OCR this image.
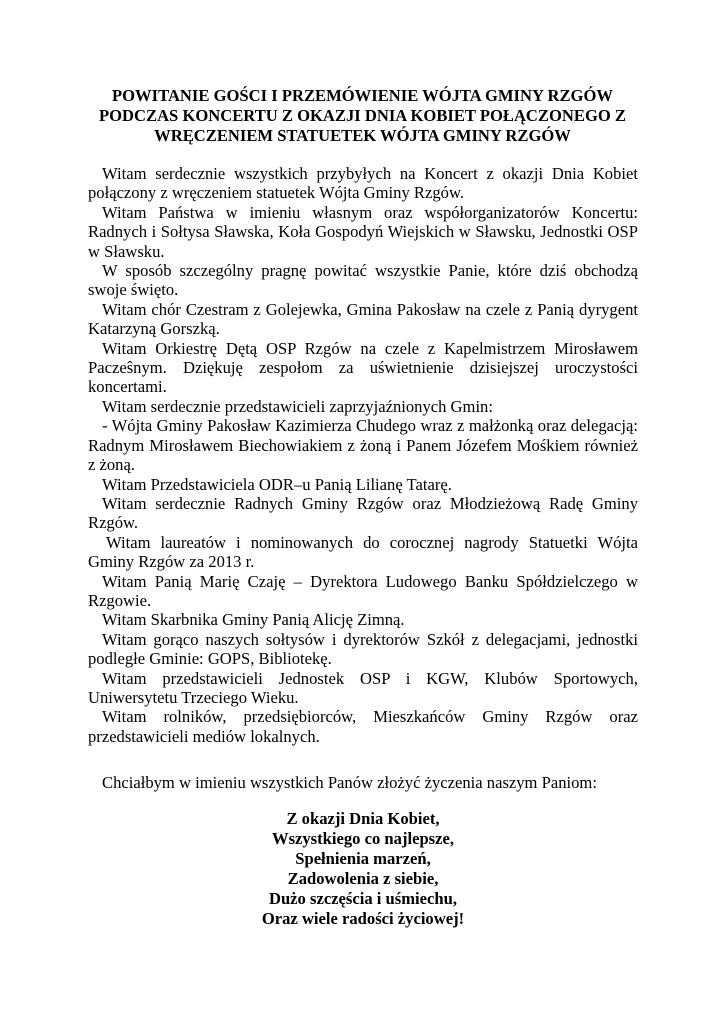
POWITANIE GOŚCI I PRZEMÓWIENIE WÓJTA GMINY RZGÓW
PODCZAS KONCERTU Z OKAZJI DNIA KOBIET POŁĄCZONEGO Z
WRĘCZENIEM STATUETEK WÓJTA GMINY RZGÓW

Witam serdecznie wszystkich przybyłych na Koncert z okazji Dnia Kobiet połączony z wręczeniem statuetek Wójta Gminy Rzgów.

Witam Państwa w imieniu własnym oraz współorganizatorów Koncertu: Radnych i Sołtysa Sławska, Koła Gospodyń Wiejskich w Sławsku, Jednostki OSP w Sławsku.

W sposób szczególny pragnę powitać wszystkie Panie, które dziś obchodzą swoje święto.

Witam chór Czestram z Golejewka, Gmina Pakosław na czele z Panią dyrygent Katarzyną Gorszką.

Witam Orkiestrę Dętą OSP Rzgów na czele z Kapelmistrzem Mirosławem Paczeŝnym. Dziękuję zespołom za uświetnienie dzisiejszej uroczystości koncertami.

Witam serdecznie przedstawicieli zaprzyjaźnionych Gmin:

- Wójta Gminy Pakosław Kazimierza Chudego wraz z małżonką oraz delegacją: Radnym Mirosławem Biechowiakiem z żoną i Panem Józefem Mośkiem również z żoną.

Witam Przedstawiciela ODR–u Panią Lilianę Tatarę.

Witam serdecznie Radnych Gminy Rzgów oraz Młodzieżową Radę Gminy Rzgów.

Witam laureatów i nominowanych do corocznej nagrody Statuetki Wójta Gminy Rzgów za 2013 r.

Witam Panią Marię Czaję – Dyrektora Ludowego Banku Spółdzielczego w Rzgowie.

Witam Skarbnika Gminy Panią Alicję Zimną.

Witam gorąco naszych sołtysów i dyrektorów Szkół z delegacjami, jednostki podległe Gminie: GOPS, Bibliotekę.

Witam przedstawicieli Jednostek OSP i KGW, Klubów Sportowych, Uniwersytetu Trzeciego Wieku.

Witam rolników, przedsiębiorców, Mieszkańców Gminy Rzgów oraz przedstawicieli mediów lokalnych.

Chciałbym w imieniu wszystkich Panów złożyć życzenia naszym Paniom:
Z okazji Dnia Kobiet,
Wszystkiego co najlepsze,
Spełnienia marzeń,
Zadowolenia z siebie,
Dużo szczęścia i uśmiechu,
Oraz wiele radości życiowej!
